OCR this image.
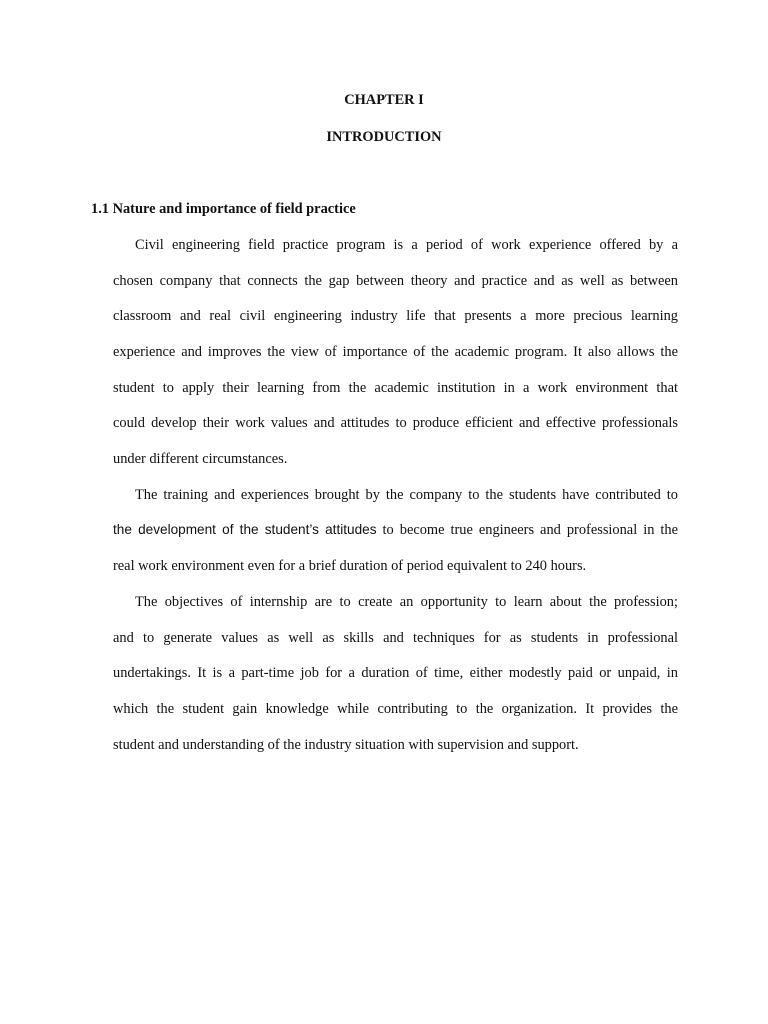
CHAPTER I
INTRODUCTION
1.1 Nature and importance of field practice
Civil engineering field practice program is a period of work experience offered by a
chosen company that connects the gap between theory and practice and as well as between
classroom and real civil engineering industry life that presents a more precious learning
experience and improves the view of importance of the academic program. It also allows the
student to apply their learning from the academic institution in a work environment that
could develop their work values and attitudes to produce efficient and effective professionals
under different circumstances.
The training and experiences brought by the company to the students have contributed to
the development of the student’s attitudes to become true engineers and professional in the
real work environment even for a brief duration of period equivalent to 240 hours.
The objectives of internship are to create an opportunity to learn about the profession;
and to generate values as well as skills and techniques for as students in professional
undertakings. It is a part-time job for a duration of time, either modestly paid or unpaid, in
which the student gain knowledge while contributing to the organization. It provides the
student and understanding of the industry situation with supervision and support.
